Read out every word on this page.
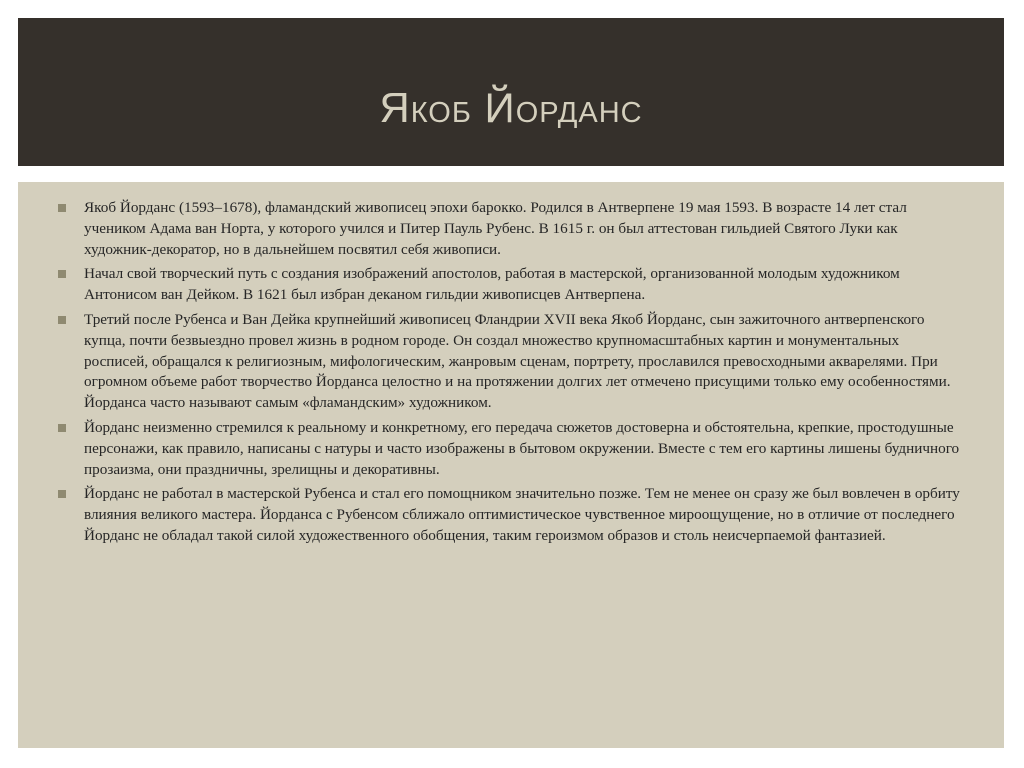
Якоб Йорданс
Якоб Йорданс (1593–1678), фламандский живописец эпохи барокко. Родился в Антверпене 19 мая 1593. В возрасте 14 лет стал учеником Адама ван Норта, у которого учился и Питер Пауль Рубенс. В 1615 г. он был аттестован гильдией Святого Луки как художник-декоратор, но в дальнейшем посвятил себя живописи.
Начал свой творческий путь с создания изображений апостолов, работая в мастерской, организованной молодым художником Антонисом ван Дейком. В 1621 был избран деканом гильдии живописцев Антверпена.
Третий после Рубенса и Ван Дейка крупнейший живописец Фландрии XVII века Якоб Йорданс, сын зажиточного антверпенского купца, почти безвыездно провел жизнь в родном городе. Он создал множество крупномасштабных картин и монументальных росписей, обращался к религиозным, мифологическим, жанровым сценам, портрету, прославился превосходными акварелями. При огромном объеме работ творчество Йорданса целостно и на протяжении долгих лет отмечено присущими только ему особенностями. Йорданса часто называют самым «фламандским» художником.
Йорданс неизменно стремился к реальному и конкретному, его передача сюжетов достоверна и обстоятельна, крепкие, простодушные персонажи, как правило, написаны с натуры и часто изображены в бытовом окружении. Вместе с тем его картины лишены будничного прозаизма, они праздничны, зрелищны и декоративны.
Йорданс не работал в мастерской Рубенса и стал его помощником значительно позже. Тем не менее он сразу же был вовлечен в орбиту влияния великого мастера. Йорданса с Рубенсом сближало оптимистическое чувственное мироощущение, но в отличие от последнего Йорданс не обладал такой силой художественного обобщения, таким героизмом образов и столь неисчерпаемой фантазией.
